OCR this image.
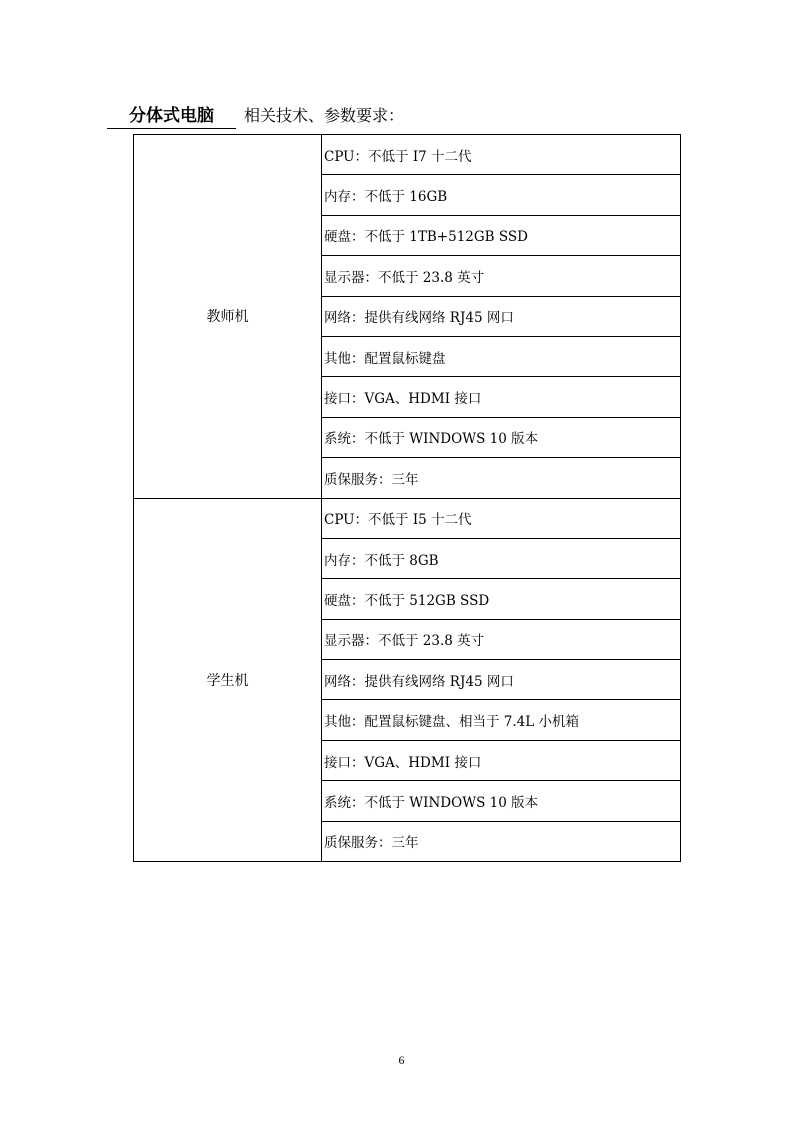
分体式电脑 相关技术、参数要求：
教师机	CPU：不低于 I7 十二代
	内存：不低于 16GB
	硬盘：不低于 1TB+512GB SSD
	显示器：不低于 23.8 英寸
	网络：提供有线网络 RJ45 网口
	其他：配置鼠标键盘
	接口：VGA、HDMI 接口
	系统：不低于 WINDOWS 10 版本
	质保服务：三年
学生机	CPU：不低于 I5 十二代
	内存：不低于 8GB
	硬盘：不低于 512GB SSD
	显示器：不低于 23.8 英寸
	网络：提供有线网络 RJ45 网口
	其他：配置鼠标键盘、相当于 7.4L 小机箱
	接口：VGA、HDMI 接口
	系统：不低于 WINDOWS 10 版本
	质保服务：三年
6
